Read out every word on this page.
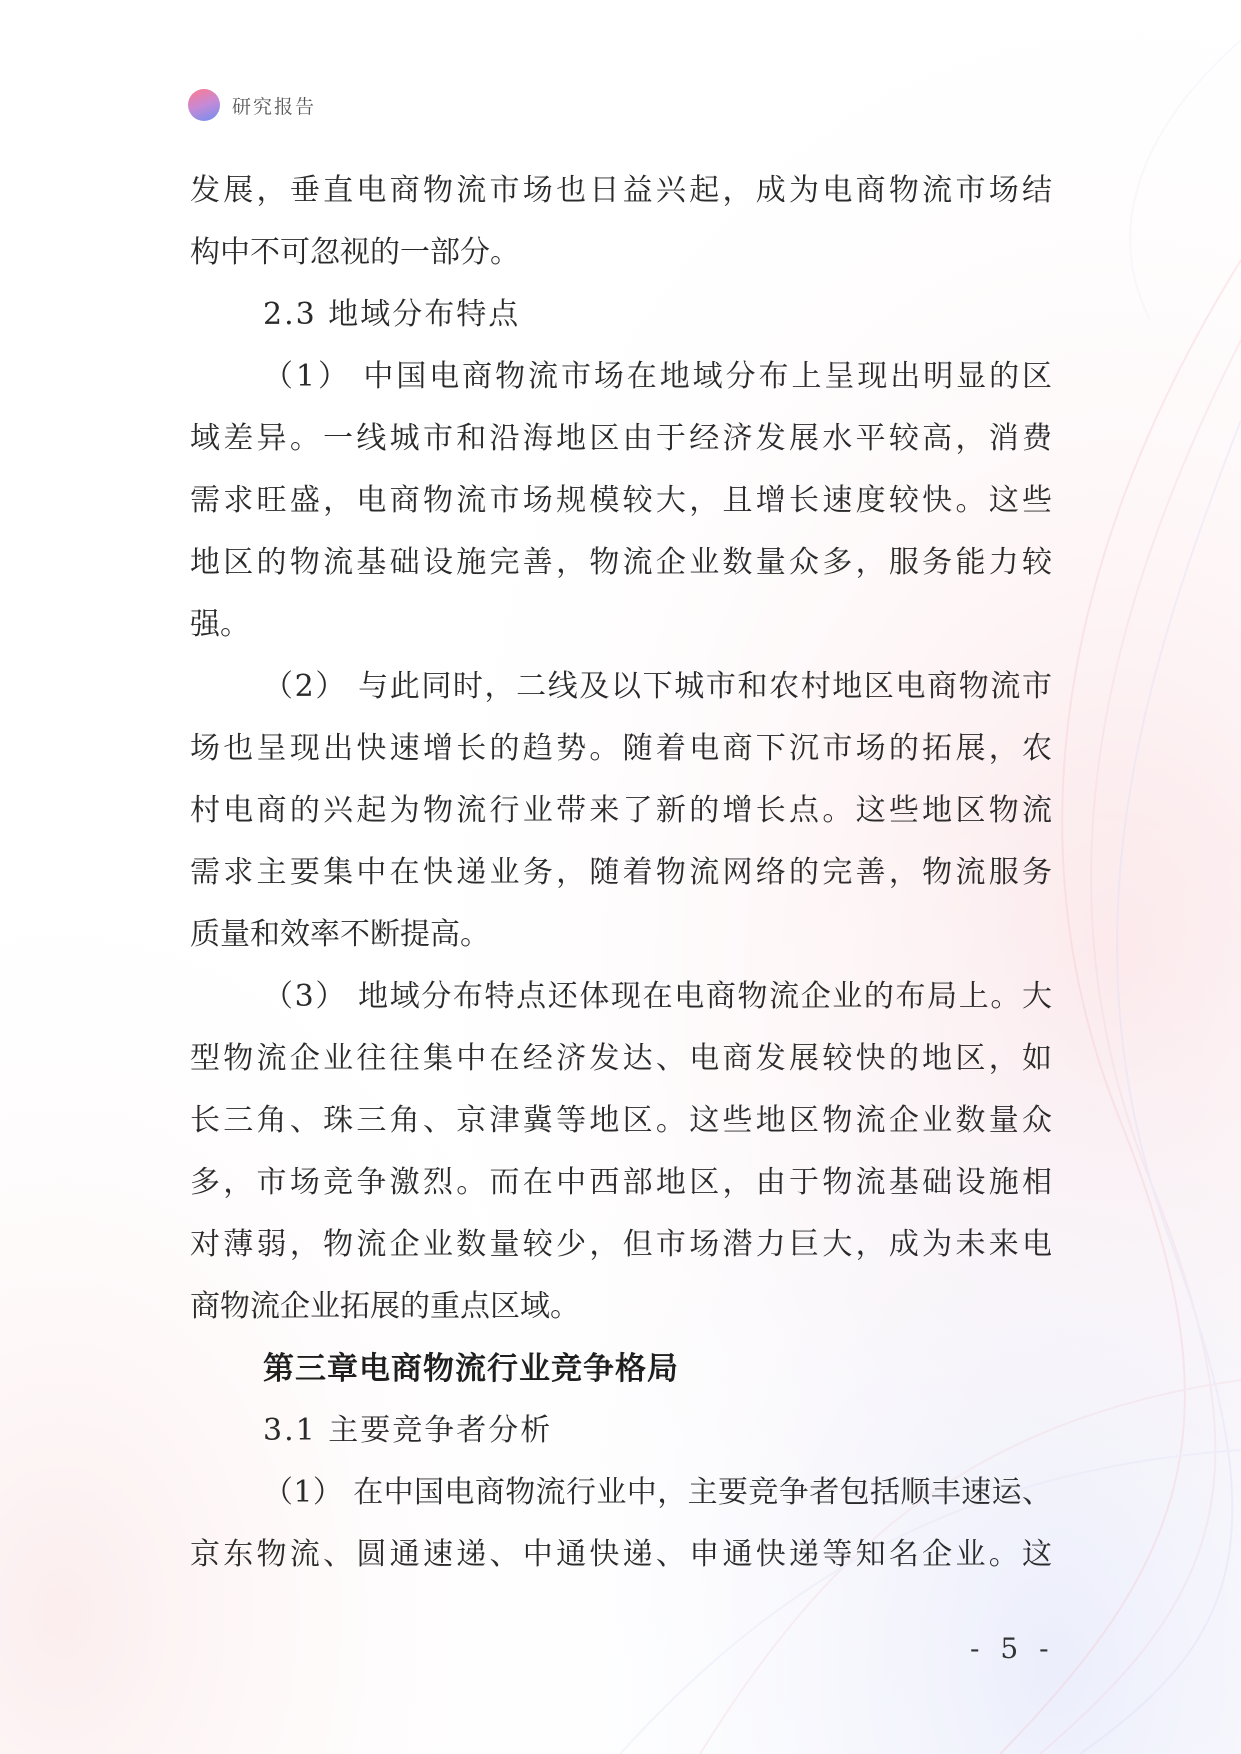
研究报告
发展，垂直电商物流市场也日益兴起，成为电商物流市场结
构中不可忽视的一部分。
2.3 地域分布特点
（1） 中国电商物流市场在地域分布上呈现出明显的区
域差异。一线城市和沿海地区由于经济发展水平较高，消费
需求旺盛，电商物流市场规模较大，且增长速度较快。这些
地区的物流基础设施完善，物流企业数量众多，服务能力较
强。
（2） 与此同时，二线及以下城市和农村地区电商物流市
场也呈现出快速增长的趋势。随着电商下沉市场的拓展，农
村电商的兴起为物流行业带来了新的增长点。这些地区物流
需求主要集中在快递业务，随着物流网络的完善，物流服务
质量和效率不断提高。
（3） 地域分布特点还体现在电商物流企业的布局上。大
型物流企业往往集中在经济发达、电商发展较快的地区，如
长三角、珠三角、京津冀等地区。这些地区物流企业数量众
多，市场竞争激烈。而在中西部地区，由于物流基础设施相
对薄弱，物流企业数量较少，但市场潜力巨大，成为未来电
商物流企业拓展的重点区域。
第三章电商物流行业竞争格局
3.1 主要竞争者分析
（1） 在中国电商物流行业中，主要竞争者包括顺丰速运、
京东物流、圆通速递、中通快递、申通快递等知名企业。这
- 5 -
